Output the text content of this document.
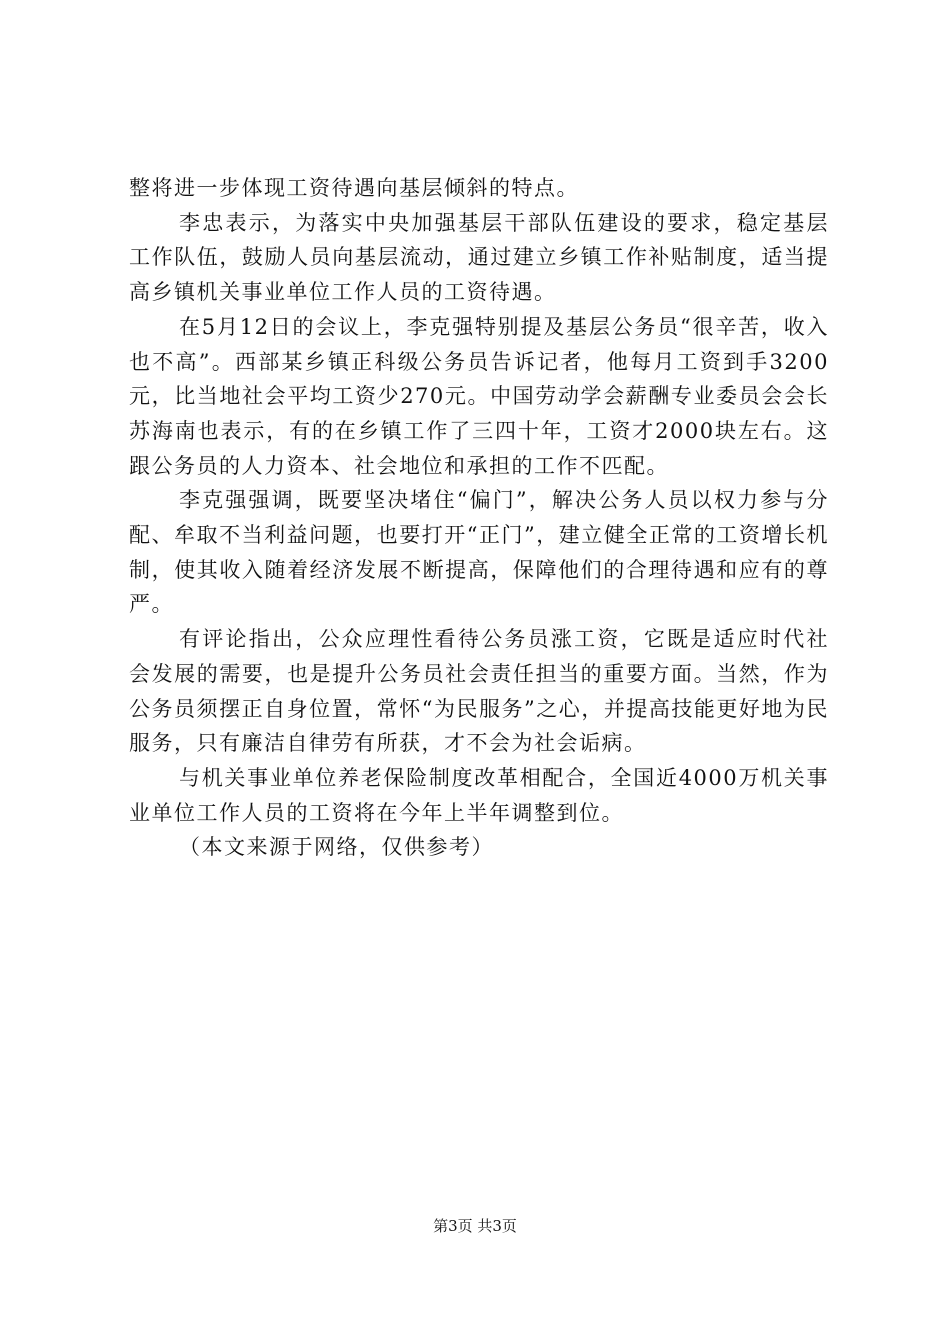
整将进一步体现工资待遇向基层倾斜的特点。

李忠表示，为落实中央加强基层干部队伍建设的要求，稳定基层工作队伍，鼓励人员向基层流动，通过建立乡镇工作补贴制度，适当提高乡镇机关事业单位工作人员的工资待遇。

在5月12日的会议上，李克强特别提及基层公务员“很辛苦，收入也不高”。西部某乡镇正科级公务员告诉记者，他每月工资到手3200元，比当地社会平均工资少270元。中国劳动学会薪酬专业委员会会长苏海南也表示，有的在乡镇工作了三四十年，工资才2000块左右。这跟公务员的人力资本、社会地位和承担的工作不匹配。

李克强强调，既要坚决堵住“偏门”，解决公务人员以权力参与分配、牟取不当利益问题，也要打开“正门”，建立健全正常的工资增长机制，使其收入随着经济发展不断提高，保障他们的合理待遇和应有的尊严。

有评论指出，公众应理性看待公务员涨工资，它既是适应时代社会发展的需要，也是提升公务员社会责任担当的重要方面。当然，作为公务员须摆正自身位置，常怀“为民服务”之心，并提高技能更好地为民服务，只有廉洁自律劳有所获，才不会为社会诟病。

与机关事业单位养老保险制度改革相配合，全国近4000万机关事业单位工作人员的工资将在今年上半年调整到位。

（本文来源于网络，仅供参考）

第3页 共3页
